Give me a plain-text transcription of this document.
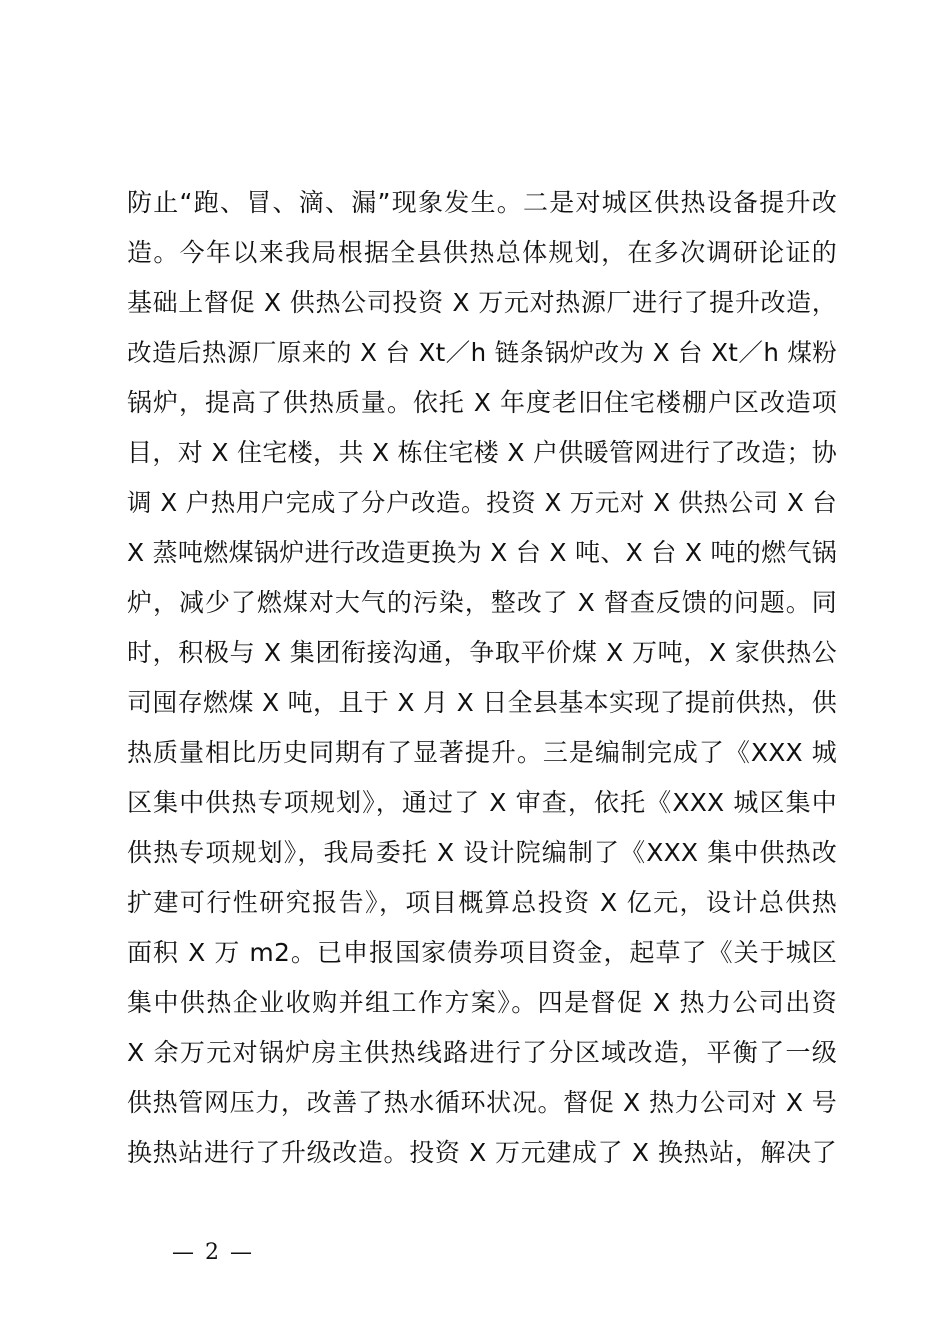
防止“跑、冒、滴、漏”现象发生。二是对城区供热设备提升改
造。今年以来我局根据全县供热总体规划，在多次调研论证的
基础上督促 X 供热公司投资 X 万元对热源厂进行了提升改造，
改造后热源厂原来的 X 台 Xt／h 链条锅炉改为 X 台 Xt／h 煤粉
锅炉，提高了供热质量。依托 X 年度老旧住宅楼棚户区改造项
目，对 X 住宅楼，共 X 栋住宅楼 X 户供暖管网进行了改造；协
调 X 户热用户完成了分户改造。投资 X 万元对 X 供热公司 X 台
X 蒸吨燃煤锅炉进行改造更换为 X 台 X 吨、X 台 X 吨的燃气锅
炉，减少了燃煤对大气的污染，整改了 X 督查反馈的问题。同
时，积极与 X 集团衔接沟通，争取平价煤 X 万吨，X 家供热公
司囤存燃煤 X 吨，且于 X 月 X 日全县基本实现了提前供热，供
热质量相比历史同期有了显著提升。三是编制完成了《XXX 城
区集中供热专项规划》，通过了 X 审查，依托《XXX 城区集中
供热专项规划》，我局委托 X 设计院编制了《XXX 集中供热改
扩建可行性研究报告》，项目概算总投资 X 亿元，设计总供热
面积 X 万 m2。已申报国家债券项目资金，起草了《关于城区
集中供热企业收购并组工作方案》。四是督促 X 热力公司出资
X 余万元对锅炉房主供热线路进行了分区域改造，平衡了一级
供热管网压力，改善了热水循环状况。督促 X 热力公司对 X 号
换热站进行了升级改造。投资 X 万元建成了 X 换热站，解决了
— 2 —
